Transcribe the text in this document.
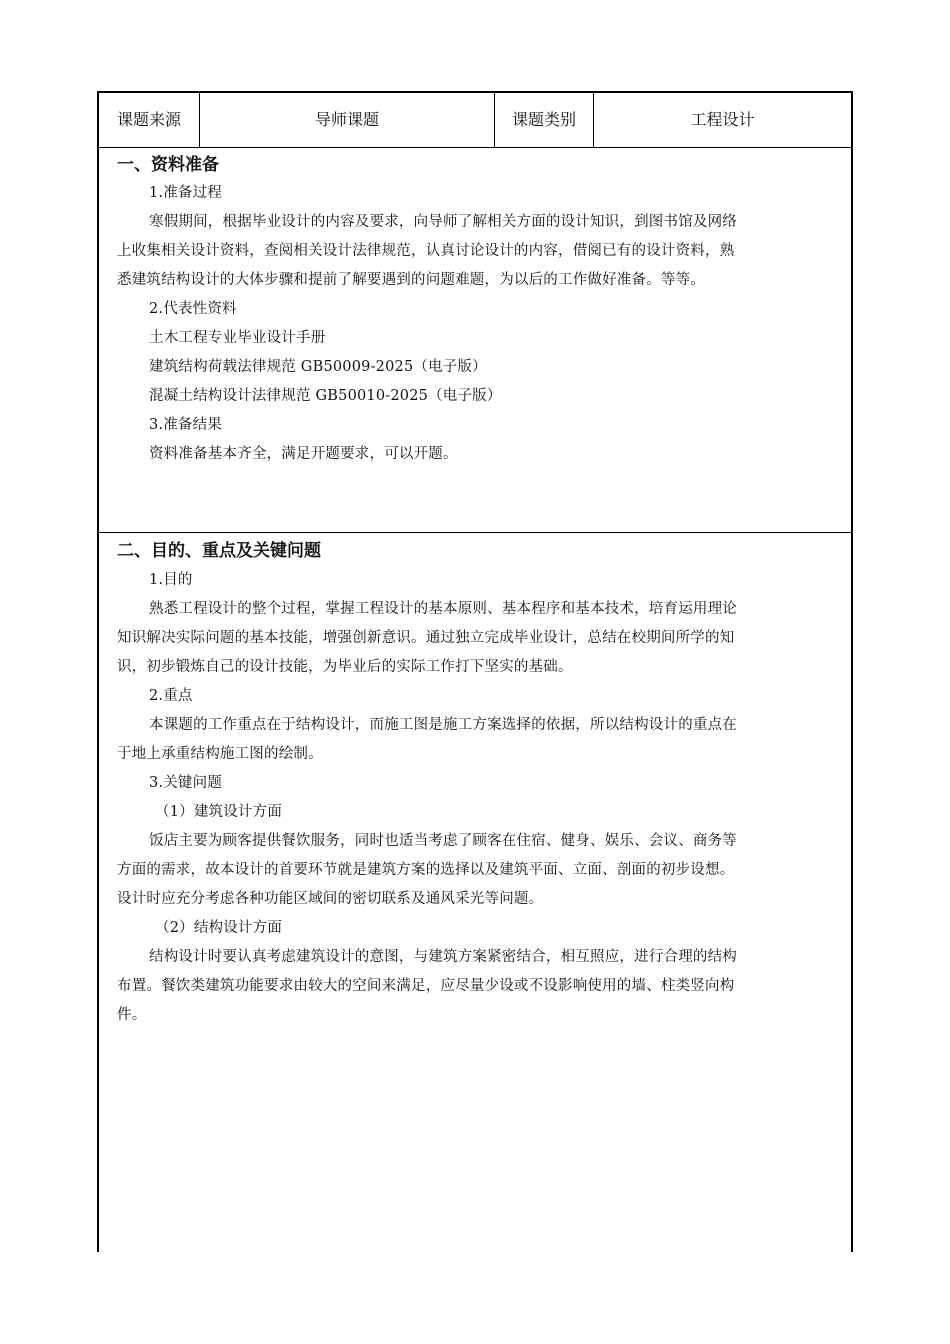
课题来源	导师课题	课题类别	工程设计
一、资料准备
1.准备过程
寒假期间，根据毕业设计的内容及要求，向导师了解相关方面的设计知识，到图书馆及网络
上收集相关设计资料，查阅相关设计法律规范，认真讨论设计的内容，借阅已有的设计资料，熟
悉建筑结构设计的大体步骤和提前了解要遇到的问题难题，为以后的工作做好准备。等等。
2.代表性资料
土木工程专业毕业设计手册
建筑结构荷载法律规范 GB50009-2025（电子版）
混凝土结构设计法律规范 GB50010-2025（电子版）
3.准备结果
资料准备基本齐全，满足开题要求，可以开题。
二、目的、重点及关键问题
1.目的
熟悉工程设计的整个过程，掌握工程设计的基本原则、基本程序和基本技术，培育运用理论
知识解决实际问题的基本技能，增强创新意识。通过独立完成毕业设计，总结在校期间所学的知
识，初步锻炼自己的设计技能，为毕业后的实际工作打下坚实的基础。
2.重点
本课题的工作重点在于结构设计，而施工图是施工方案选择的依据，所以结构设计的重点在
于地上承重结构施工图的绘制。
3.关键问题
（1）建筑设计方面
饭店主要为顾客提供餐饮服务，同时也适当考虑了顾客在住宿、健身、娱乐、会议、商务等
方面的需求，故本设计的首要环节就是建筑方案的选择以及建筑平面、立面、剖面的初步设想。
设计时应充分考虑各种功能区域间的密切联系及通风采光等问题。
（2）结构设计方面
结构设计时要认真考虑建筑设计的意图，与建筑方案紧密结合，相互照应，进行合理的结构
布置。餐饮类建筑功能要求由较大的空间来满足，应尽量少设或不设影响使用的墙、柱类竖向构
件。
